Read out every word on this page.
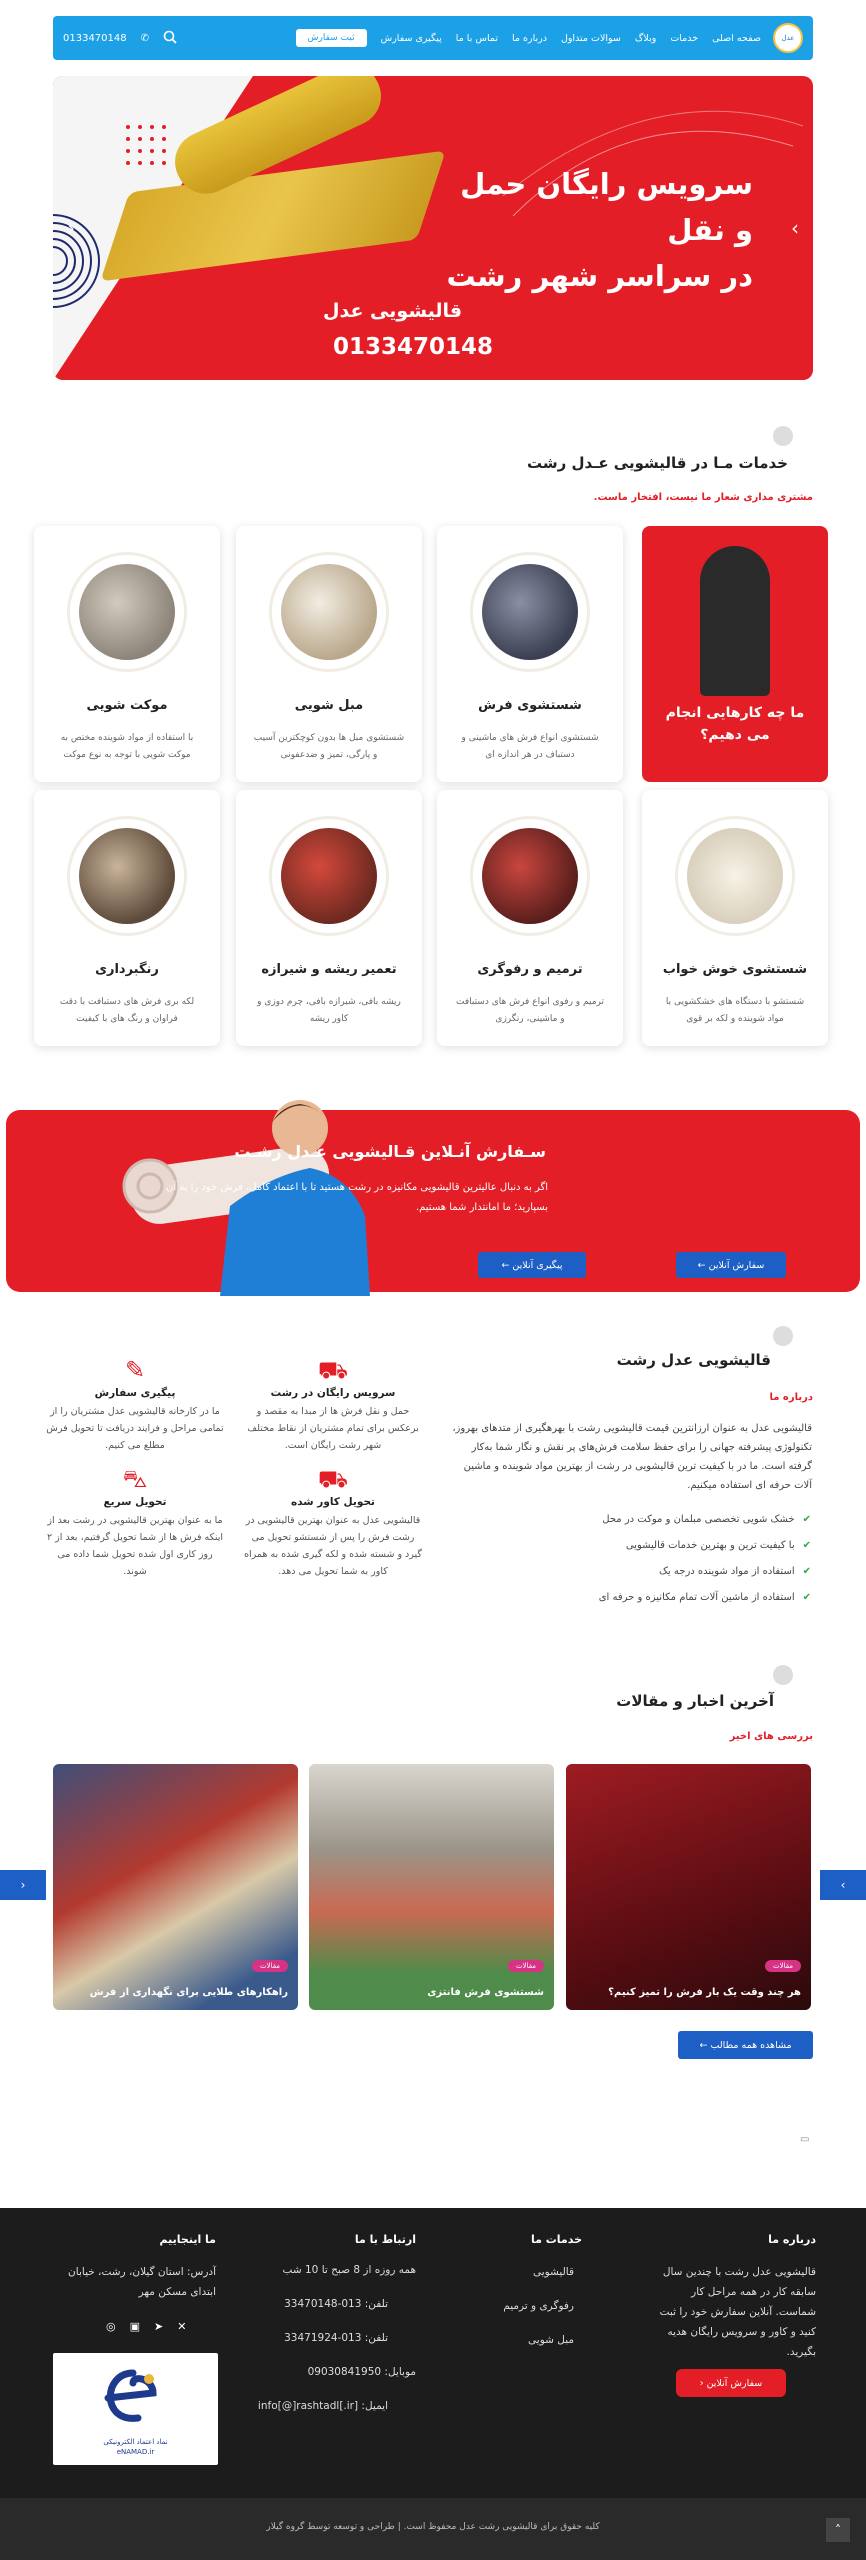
عدل
صفحه اصلی
خدمات
وبلاگ
سوالات متداول
درباره ما
تماس با ما
پیگیری سفارش
ثبت سفارش
✆
0133470148
سرویس رایگان حمل و نقل
در سراسر شهر رشت
قالیشویی عدل
0133470148
‹	›
خدمات مـا در قالیشویی عـدل رشت
مشتری مداری شعار ما نیست، افتخار ماست.
ما چه کارهایی انجام می دهیم؟
شستشوی فرش
شستشوی انواع فرش های ماشینی و دستباف در هر اندازه ای
مبل شویی
شستشوی مبل ها بدون کوچکترین آسیب و پارگی، تمیز و ضدعفونی
موکت شویی
با استفاده از مواد شوینده مختص به موکت شویی با توجه به نوع موکت
شستشوی خوش خواب
شستشو با دستگاه های خشکشویی با مواد شوینده و لکه بر قوی
ترمیم و رفوگری
ترمیم و رفوی انواع فرش های دستبافت و ماشینی، رنگرزی
تعمیر ریشه و شیرازه
ریشه بافی، شیرازه بافی، چرم دوزی و کاور ریشه
رنگبرداری
لکه بری فرش های دستبافت با دقت فراوان و رنگ های با کیفیت
سـفارش آنـلاین قـالیشویی عـدل رشـت
اگر به دنبال عالیترین قالیشویی مکانیزه در رشت هستید تا با اعتماد کامل، فرش خود را به آن بسپارید؛ ما امانتدار شما هستیم.
سفارش آنلاین ←
پیگیری آنلاین ←
قالیشویی عدل رشت
درباره ما
قالیشویی عدل به عنوان ارزانترین قیمت قالیشویی رشت با بهرهگیری از متدهای بهروز، تکنولوژی پیشرفته جهانی را برای حفظ سلامت فرش‌های پر نقش و نگار شما به‌کار گرفته است. ما در با کیفیت ترین قالیشویی در رشت از بهترین مواد شوینده و ماشین آلات حرفه ای استفاده میکنیم.
✔
خشک شویی تخصصی مبلمان و موکت در محل
✔
با کیفیت ترین و بهترین خدمات قالیشویی
✔
استفاده از مواد شوینده درجه یک
✔
استفاده از ماشین آلات تمام مکانیزه و حرفه ای
⛟
سرویس رایگان در رشت
حمل و نقل فرش ها از مبدا به مقصد و برعکس برای تمام مشتریان از نقاط مختلف شهر رشت رایگان است.
✎
پیگیری سفارش
ما در کارخانه قالیشویی عدل مشتریان را از تمامی مراحل و فرایند دریافت تا تحویل فرش مطلع می کنیم.
⛟
تحویل کاور شده
قالیشویی عدل به عنوان بهترین قالیشویی در رشت فرش را پس از شستشو تحویل می گیرد و شسته شده و لکه گیری شده به همراه کاور به شما تحویل می دهد.
⛍
تحویل سریع
ما به عنوان بهترین قالیشویی در رشت بعد از اینکه فرش ها از شما تحویل گرفتیم، بعد از ۲ روز کاری اول شده تحویل شما داده می شوند.
آخرین اخبار و مقالات
بررسی های اخیر
مقالات
هر چند وقت یک بار فرش را تمیز کنیم؟
مقالات
شستشوی فرش فانتزی
مقالات
راهکارهای طلایی برای نگهداری از فرش
‹	›
مشاهده همه مطالب ←
▭
درباره ما
قالیشویی عدل رشت با چندین سال سابقه کار در همه مراحل کار شماست. آنلاین سفارش خود را ثبت کنید و کاور و سرویس رایگان هدیه بگیرید.
سفارش آنلاین ‹
خدمات ما
قالیشویی
رفوگری و ترمیم
مبل شویی
ارتباط با ما
همه روزه از 8 صبح تا 10 شب
تلفن: 013-33470148
تلفن: 013-33471924
موبایل: 09030841950
ایمیل: info[@]rashtadl[.ir]
ما اینجاییم
آدرس: استان گیلان، رشت، خیابان ابتدای مسکن مهر
✕
➤
▣
◎
نماد اعتماد الکترونیکی
eNAMAD.ir
کلیه حقوق برای قالیشویی رشت عدل محفوظ است. | طراحی و توسعه توسط گروه گیلار	˄
